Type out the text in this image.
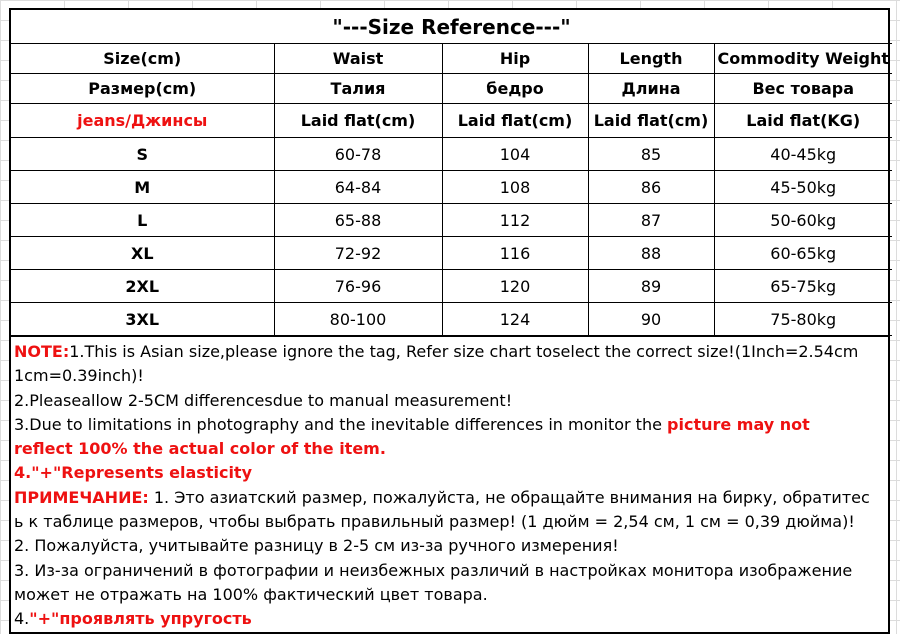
"---Size Reference---"				
Size(cm)	Waist	Hip	Length	Commodity Weight
Размер(cm)	Талия	бедро	Длина	Вес товара
jeans/Джинсы	Laid flat(cm)	Laid flat(cm)	Laid flat(cm)	Laid flat(KG)
S	60-78	104	85	40-45kg
M	64-84	108	86	45-50kg
L	65-88	112	87	50-60kg
XL	72-92	116	88	60-65kg
2XL	76-96	120	89	65-75kg
3XL	80-100	124	90	75-80kg
NOTE:1.This is Asian size,please ignore the tag, Refer size chart toselect the correct size!(1Inch=2.54cm
1cm=0.39inch)!
2.Pleaseallow 2-5CM differencesdue to manual measurement!
3.Due to limitations in photography and the inevitable differences in monitor the picture may not
reflect 100% the actual color of the item.
4."+"Represents elasticity
ПРИМЕЧАНИЕ: 1. Это азиатский размер, пожалуйста, не обращайте внимания на бирку, обратитес
ь к таблице размеров, чтобы выбрать правильный размер! (1 дюйм = 2,54 см, 1 см = 0,39 дюйма)!
2. Пожалуйста, учитывайте разницу в 2-5 см из-за ручного измерения!
3. Из-за ограничений в фотографии и неизбежных различий в настройках монитора изображение
может не отражать на 100% фактический цвет товара.
4."+"проявлять упругость
